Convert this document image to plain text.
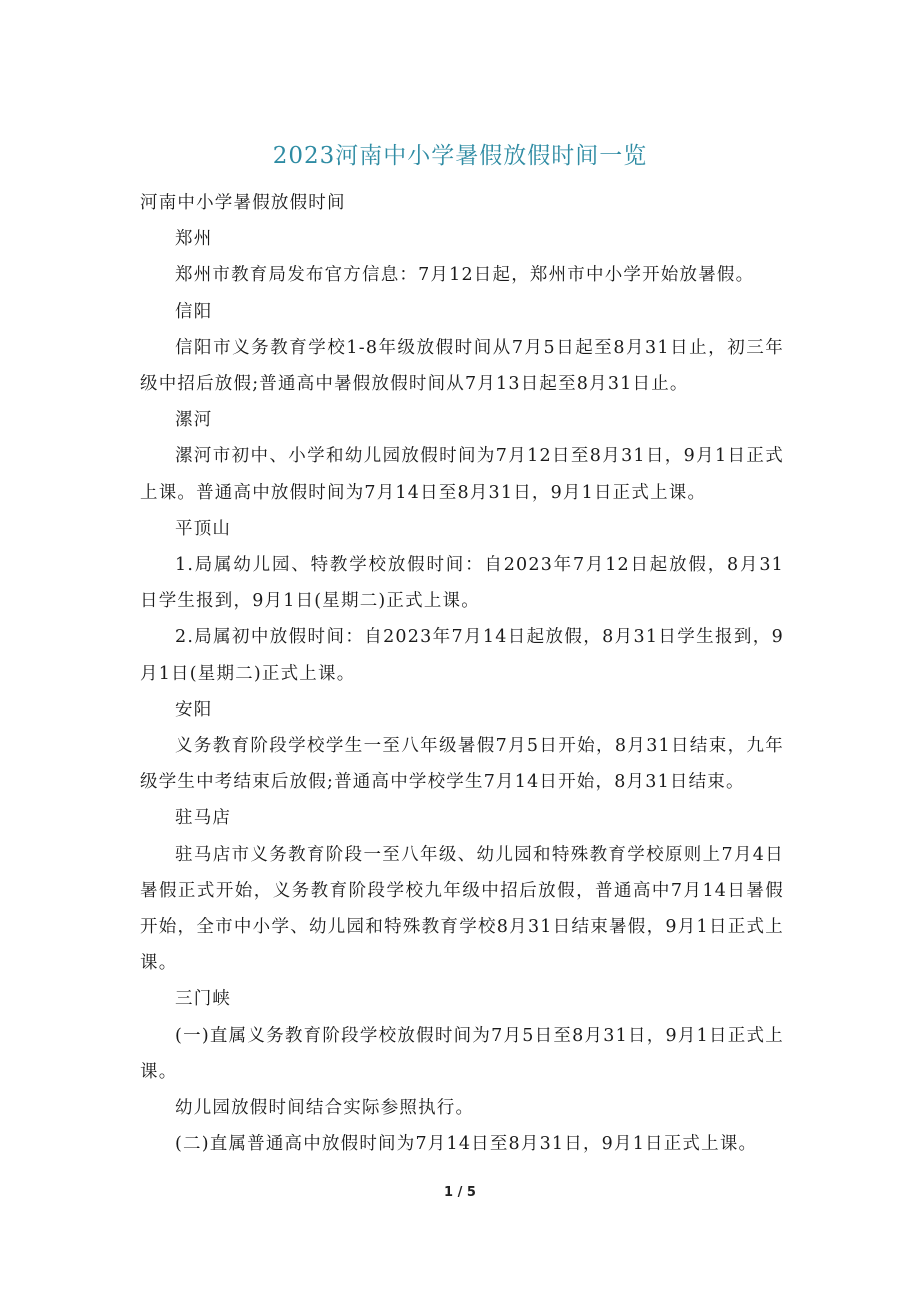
2023河南中小学暑假放假时间一览

河南中小学暑假放假时间

郑州

郑州市教育局发布官方信息：7月12日起，郑州市中小学开始放暑假。

信阳

信阳市义务教育学校1-8年级放假时间从7月5日起至8月31日止，初三年级中招后放假;普通高中暑假放假时间从7月13日起至8月31日止。

漯河

漯河市初中、小学和幼儿园放假时间为7月12日至8月31日，9月1日正式上课。普通高中放假时间为7月14日至8月31日，9月1日正式上课。

平顶山

1.局属幼儿园、特教学校放假时间：自2023年7月12日起放假，8月31日学生报到，9月1日(星期二)正式上课。

2.局属初中放假时间：自2023年7月14日起放假，8月31日学生报到，9月1日(星期二)正式上课。

安阳

义务教育阶段学校学生一至八年级暑假7月5日开始，8月31日结束，九年级学生中考结束后放假;普通高中学校学生7月14日开始，8月31日结束。

驻马店

驻马店市义务教育阶段一至八年级、幼儿园和特殊教育学校原则上7月4日暑假正式开始，义务教育阶段学校九年级中招后放假，普通高中7月14日暑假开始，全市中小学、幼儿园和特殊教育学校8月31日结束暑假，9月1日正式上课。

三门峡

(一)直属义务教育阶段学校放假时间为7月5日至8月31日，9月1日正式上课。

幼儿园放假时间结合实际参照执行。

(二)直属普通高中放假时间为7月14日至8月31日，9月1日正式上课。

1 / 5
